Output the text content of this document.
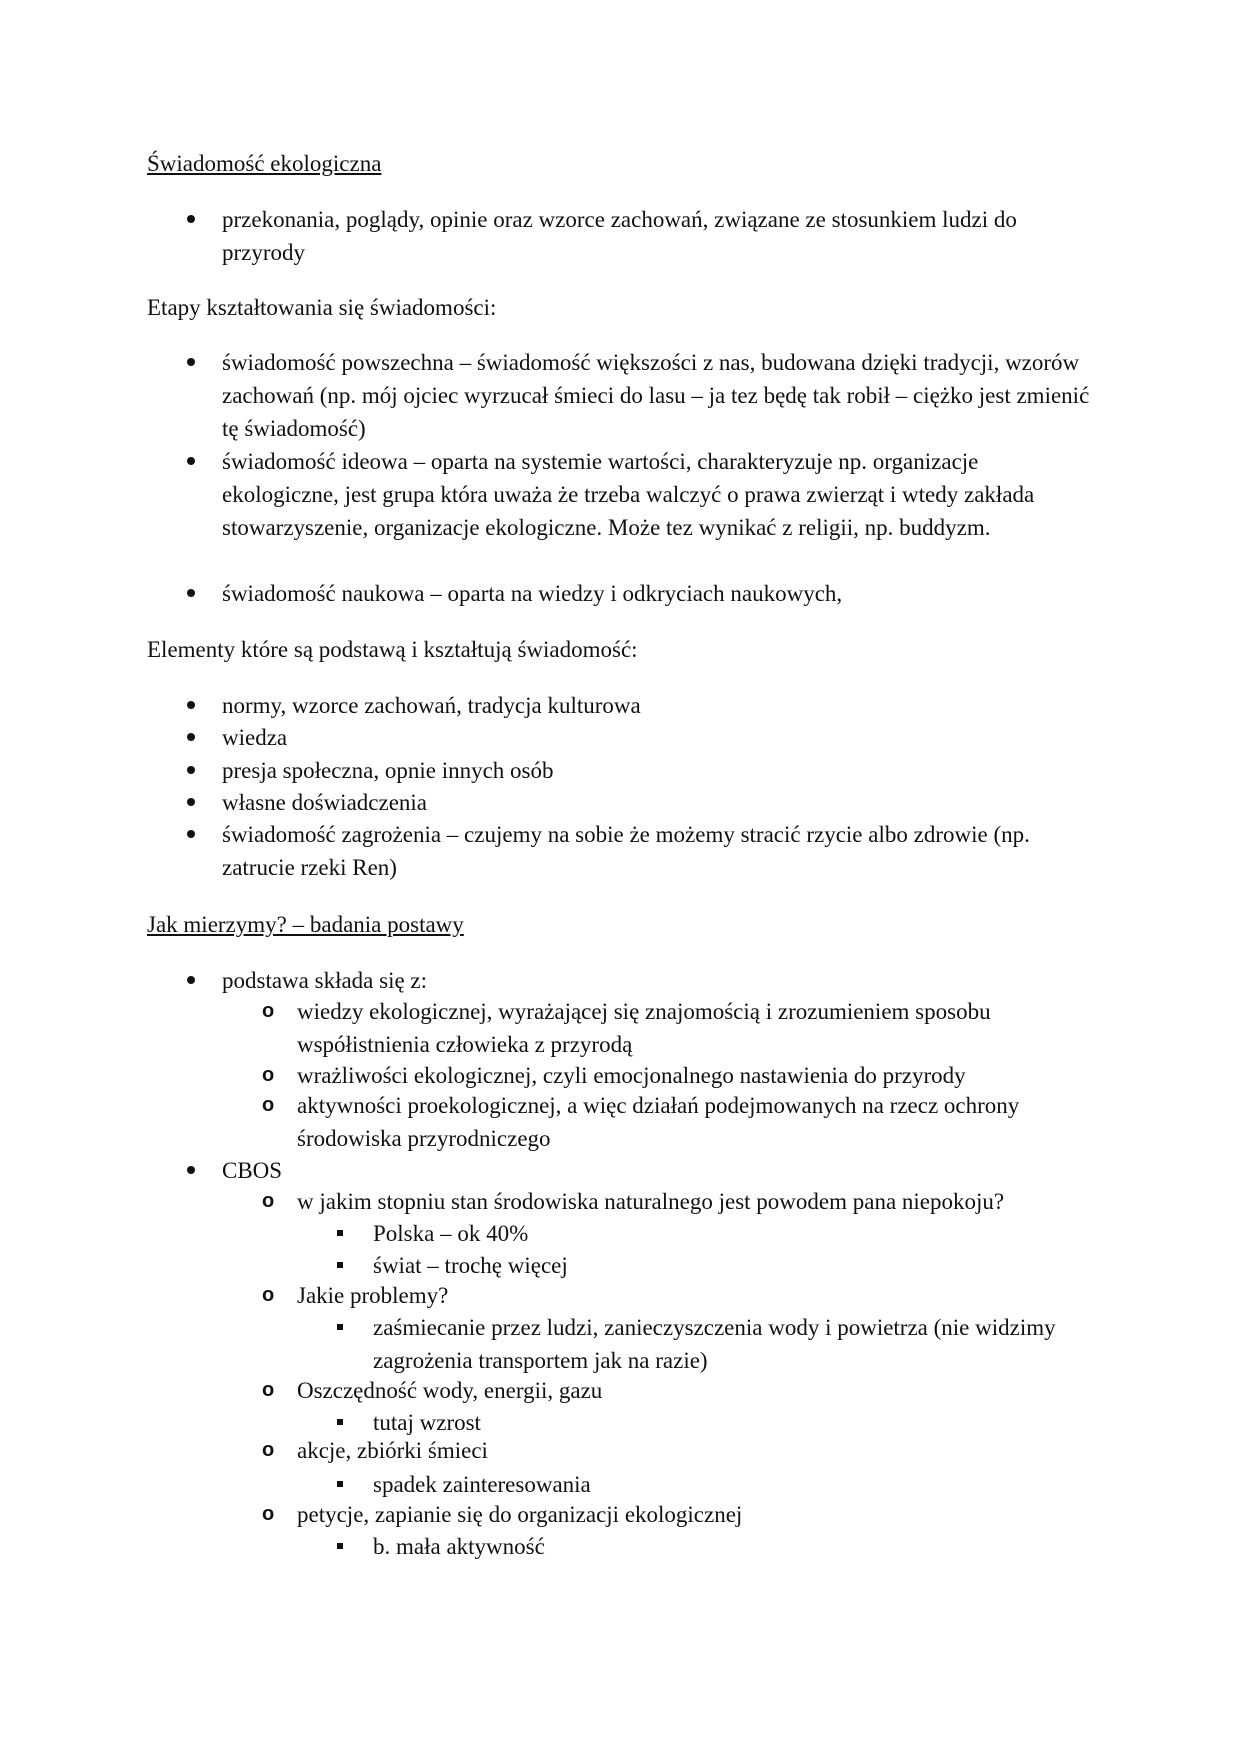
Świadomość ekologiczna
przekonania, poglądy, opinie oraz wzorce zachowań, związane ze stosunkiem ludzi do przyrody
Etapy kształtowania się świadomości:
świadomość powszechna – świadomość większości z nas, budowana dzięki tradycji, wzorów zachowań (np. mój ojciec wyrzucał śmieci do lasu – ja tez będę tak robił – ciężko jest zmienić tę świadomość)
świadomość ideowa – oparta na systemie wartości, charakteryzuje np. organizacje ekologiczne, jest grupa która uważa że trzeba walczyć o prawa zwierząt i wtedy zakłada stowarzyszenie, organizacje ekologiczne. Może tez wynikać z religii, np. buddyzm.
świadomość naukowa – oparta na wiedzy i odkryciach naukowych,
Elementy które są podstawą i kształtują świadomość:
normy, wzorce zachowań, tradycja kulturowa
wiedza
presja społeczna, opnie innych osób
własne doświadczenia
świadomość zagrożenia – czujemy na sobie że możemy stracić rzycie albo zdrowie (np. zatrucie rzeki Ren)
Jak mierzymy? – badania postawy
podstawa składa się z:
o wiedzy ekologicznej, wyrażającej się znajomością i zrozumieniem sposobu współistnienia człowieka z przyrodą
o wrażliwości ekologicznej, czyli emocjonalnego nastawienia do przyrody
o aktywności proekologicznej, a więc działań podejmowanych na rzecz ochrony środowiska przyrodniczego
CBOS
o w jakim stopniu stan środowiska naturalnego jest powodem pana niepokoju?
Polska – ok 40%
świat – trochę więcej
o Jakie problemy?
zaśmiecanie przez ludzi, zanieczyszczenia wody i powietrza (nie widzimy zagrożenia transportem jak na razie)
o Oszczędność wody, energii, gazu
tutaj wzrost
o akcje, zbiórki śmieci
spadek zainteresowania
o petycje, zapianie się do organizacji ekologicznej
b. mała aktywność
